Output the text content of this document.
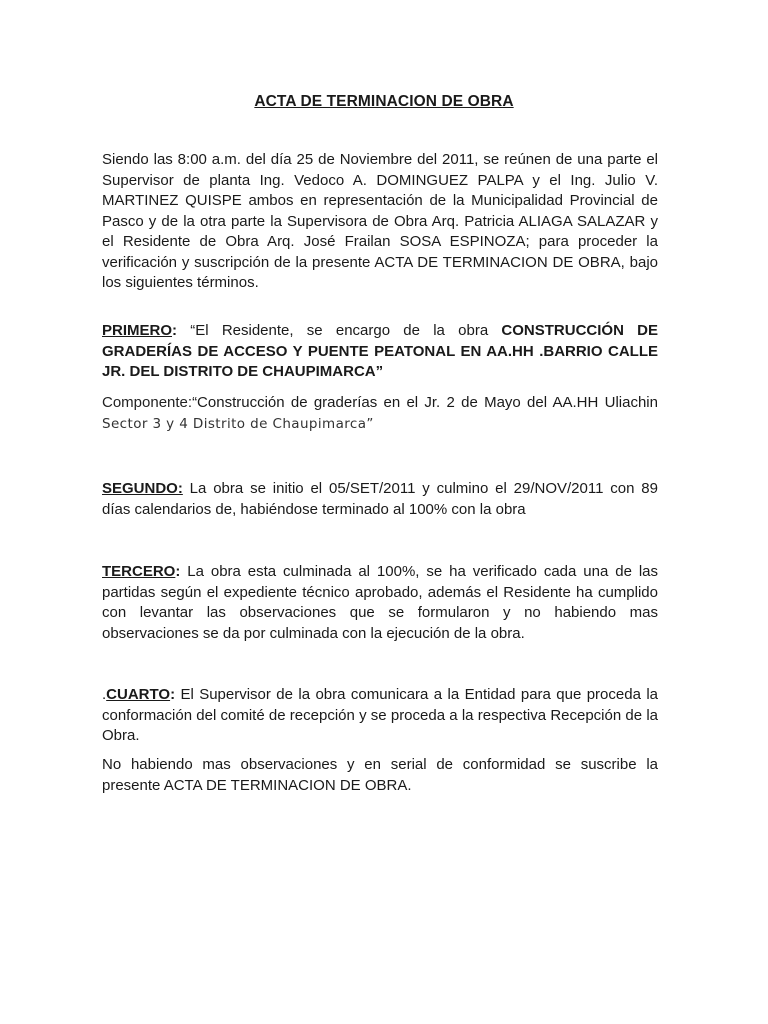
ACTA DE TERMINACION DE OBRA

Siendo las 8:00 a.m. del día 25 de Noviembre del 2011, se reúnen de una parte el Supervisor de planta Ing. Vedoco A. DOMINGUEZ PALPA y el Ing. Julio V. MARTINEZ QUISPE ambos en representación de la Municipalidad Provincial de Pasco y de la otra parte la Supervisora de Obra Arq. Patricia ALIAGA SALAZAR y el Residente de Obra Arq. José Frailan SOSA ESPINOZA; para proceder la verificación y suscripción de la presente ACTA DE TERMINACION DE OBRA, bajo los siguientes términos.

PRIMERO: “El Residente, se encargo de la obra CONSTRUCCIÓN DE GRADERÍAS DE ACCESO Y PUENTE PEATONAL EN AA.HH .BARRIO CALLE JR. DEL DISTRITO DE CHAUPIMARCA”

Componente:“Construcción de graderías en el Jr. 2 de Mayo del AA.HH Uliachin Sector 3 y 4 Distrito de Chaupimarca”

SEGUNDO: La obra se initio el 05/SET/2011 y culmino el 29/NOV/2011 con 89 días calendarios de, habiéndose terminado al 100% con la obra

TERCERO: La obra esta culminada al 100%, se ha verificado cada una de las partidas según el expediente técnico aprobado, además el Residente ha cumplido con levantar las observaciones que se formularon y no habiendo mas observaciones se da por culminada con la ejecución de la obra.

.CUARTO: El Supervisor de la obra comunicara a la Entidad para que proceda la conformación del comité de recepción y se proceda a la respectiva Recepción de la Obra.

No habiendo mas observaciones y en serial de conformidad se suscribe la presente ACTA DE TERMINACION DE OBRA.
